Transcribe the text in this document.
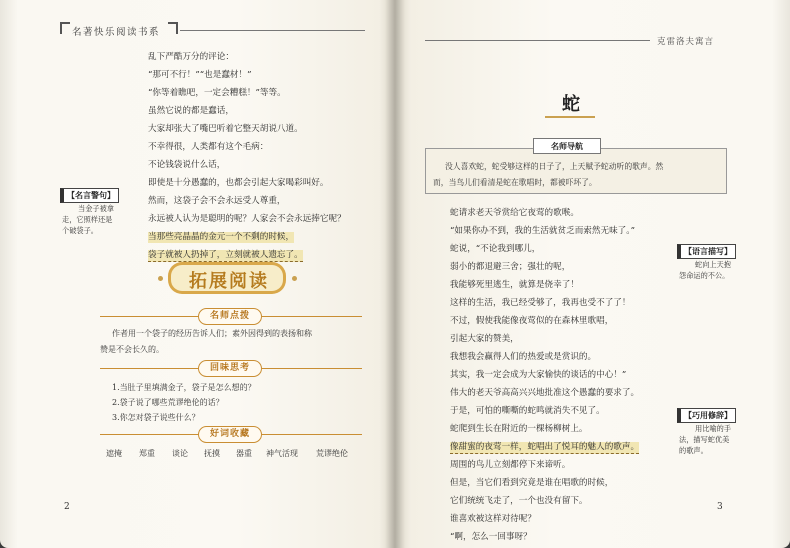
名著快乐阅读书系
乱下严酷万分的评论：
“那可不行！”“也是蠢材！”
“你等着瞧吧，一定会糟糕！”等等。
虽然它说的都是蠢话，
大家却张大了嘴巴听着它整天胡说八道。
不幸得很，人类都有这个毛病：
不论钱袋说什么话，
即使是十分愚蠢的，也都会引起大家喝彩叫好。
然而，这袋子会不会永远受人尊重，
永远被人认为是聪明的呢？人家会不会永远捧它呢？
当那些亮晶晶的金元一个不剩的时候，
袋子就被人扔掉了，立刻就被人遗忘了。
【名言警句】
当金子被拿
走，它照样还是
个破袋子。
拓展阅读
名师点拨
作者用一个袋子的经历告诉人们；素外因得到的表扬和称
赞是不会长久的。
回味思考
1.当肚子里填满金子，袋子是怎么想的？
2.袋子说了哪些荒谬绝伦的话？
3.你怎对袋子说些什么？
好词收藏
遮掩 郑重 谈论 抚摸 器重 神气活现 荒谬绝伦
2
克雷洛夫寓言
蛇
名师导航
没人喜欢蛇，蛇受够这样的日子了，上天赋予蛇动听的歌声。然
而，当鸟儿们看清是蛇在歌唱时，都被吓坏了。
蛇请求老天爷赏给它夜莺的歌喉。
“如果你办不到，我的生活就贫乏而索然无味了。”
蛇说，“不论我到哪儿，
弱小的都退避三舍；强壮的呢，
我能够死里逃生，就算是侥幸了！
这样的生活，我已经受够了，我再也受不了了！
不过，假使我能像夜莺似的在森林里歌唱，
引起大家的赞美，
我想我会赢得人们的热爱或是赏识的。
其实，我一定会成为大家愉快的谈话的中心！”
伟大的老天爷高高兴兴地批准这个愚蠢的要求了。
于是，可怕的嘶嘶的蛇鸣就消失不见了。
蛇爬到生长在附近的一棵杨柳树上。
像甜蜜的夜莺一样，蛇唱出了悦耳的魅人的歌声。
周围的鸟儿立刻都停下来谛听。
但是，当它们看到究竟是谁在唱歌的时候，
它们统统飞走了，一个也没有留下。
谁喜欢被这样对待呢？
“啊，怎么一回事呀？
【语言描写】
蛇向上天抱
怨命运的不公。
【巧用修辞】
用比喻的手
法，描写蛇优美
的歌声。
3
